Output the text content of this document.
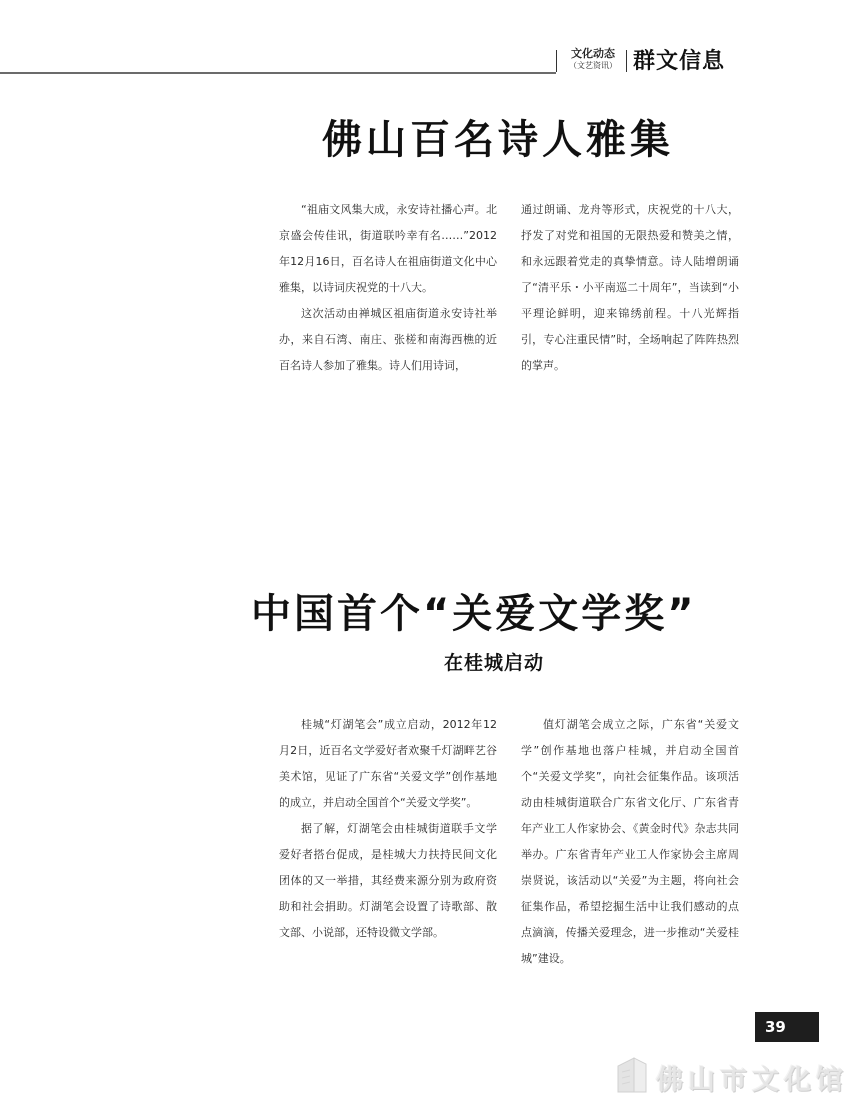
文化动态
（文艺资讯） 群文信息
佛山百名诗人雅集

“祖庙文风集大成，永安诗社播心声。北京盛会传佳讯，街道联吟幸有名……”2012年12月16日，百名诗人在祖庙街道文化中心雅集，以诗词庆祝党的十八大。

这次活动由禅城区祖庙街道永安诗社举办，来自石湾、南庄、张槎和南海西樵的近百名诗人参加了雅集。诗人们用诗词，

通过朗诵、龙舟等形式，庆祝党的十八大，抒发了对党和祖国的无限热爱和赞美之情，和永远跟着党走的真挚情意。诗人陆增朗诵了“清平乐・小平南巡二十周年”，当读到“小平理论鲜明，迎来锦绣前程。十八光辉指引，专心注重民情”时，全场响起了阵阵热烈的掌声。

中国首个“关爱文学奖”
在桂城启动

桂城“灯湖笔会”成立启动，2012年12月2日，近百名文学爱好者欢聚千灯湖畔艺谷美术馆，见证了广东省“关爱文学”创作基地的成立，并启动全国首个“关爱文学奖”。

据了解，灯湖笔会由桂城街道联手文学爱好者搭台促成，是桂城大力扶持民间文化团体的又一举措，其经费来源分别为政府资助和社会捐助。灯湖笔会设置了诗歌部、散文部、小说部，还特设微文学部。

值灯湖笔会成立之际，广东省“关爱文学”创作基地也落户桂城，并启动全国首个“关爱文学奖”，向社会征集作品。该项活动由桂城街道联合广东省文化厅、广东省青年产业工人作家协会、《黄金时代》杂志共同举办。广东省青年产业工人作家协会主席周崇贤说，该活动以“关爱”为主题，将向社会征集作品，希望挖掘生活中让我们感动的点点滴滴，传播关爱理念，进一步推动“关爱桂城”建设。

39
佛山市文化馆
